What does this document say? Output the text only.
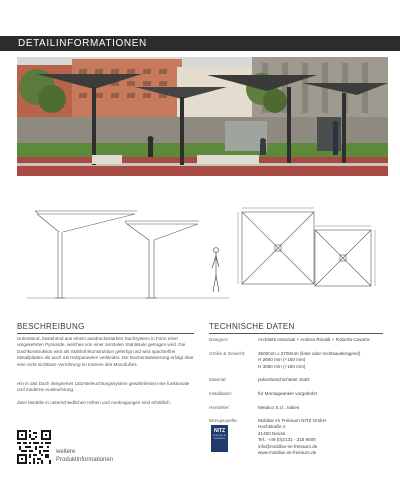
DETAILINFORMATIONEN
BESCHREIBUNG
Unterstand, bestehend aus einem ausdrucksstarken Dachsystem in Form einer umgekehrten Pyramide, welches von einer zentralen Stahlsäule getragen wird. Die Dachkonstruktion wird als Stahlrohrkonstruktion gefertigt und wird spachtelfrei Metallplatten als auch mit Holzpaneelen verkleidet. Die Dachentwässerung erfolgt über eine nicht sichtbare Verrohrung im Inneren des Monofußes.
Hin in das Dach integriertes LED-Beleuchtungssystem gewährleistet eine funktionale und moderne Ausleuchtung.
Zwei Modelle in unterschiedlichen Höhen und Auskragungen sind erhältlich.
TECHNISCHE DATEN
Designer:	Architetti Associati + Andrea Rinaldi + Roberta Cavarra
Größe & Gewicht:	3500mm x 2700mm (links oder rechtsauskragend)
H 2660 mm (+150 mm)
H 3080 mm (+150 mm)
Material:	pulverbeschichteter Stahl
Installation:	für Montageanker vorgebohrt
Hersteller:	Metalco S.r.l., Italien
Bezugsquelle:	Mobiliar im Freiraum NITZ GmbH
Hochstraße 2
41460 Neuss
Tel.: +49 (0)2131 - 316 9000
info@mobiliar-im-freiraum.de
www.mobiliar-im-freiraum.de
NITZ
MOBILIAR IM FREIRAUM
weitere
Produktinformationen
